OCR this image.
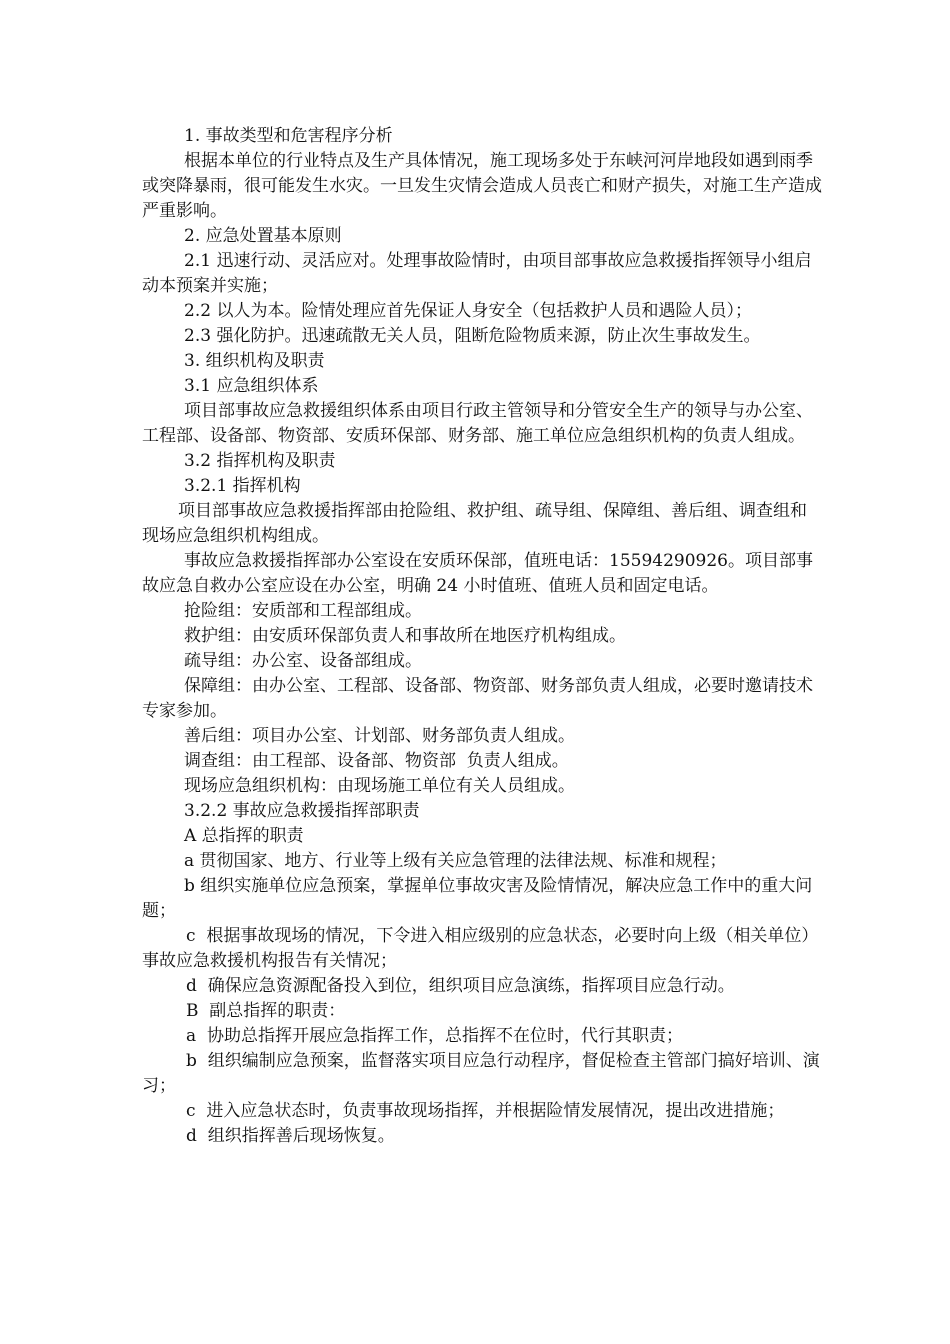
1. 事故类型和危害程序分析

根据本单位的行业特点及生产具体情况，施工现场多处于东峡河河岸地段如遇到雨季或突降暴雨，很可能发生水灾。一旦发生灾情会造成人员丧亡和财产损失，对施工生产造成严重影响。

2. 应急处置基本原则

2.1 迅速行动、灵活应对。处理事故险情时，由项目部事故应急救援指挥领导小组启动本预案并实施；

2.2 以人为本。险情处理应首先保证人身安全（包括救护人员和遇险人员）；

2.3 强化防护。迅速疏散无关人员，阻断危险物质来源，防止次生事故发生。

3. 组织机构及职责

3.1 应急组织体系

项目部事故应急救援组织体系由项目行政主管领导和分管安全生产的领导与办公室、工程部、设备部、物资部、安质环保部、财务部、施工单位应急组织机构的负责人组成。

3.2 指挥机构及职责

3.2.1 指挥机构

项目部事故应急救援指挥部由抢险组、救护组、疏导组、保障组、善后组、调查组和现场应急组织机构组成。

事故应急救援指挥部办公室设在安质环保部，值班电话：15594290926。项目部事故应急自救办公室应设在办公室，明确 24 小时值班、值班人员和固定电话。

抢险组：安质部和工程部组成。

救护组：由安质环保部负责人和事故所在地医疗机构组成。

疏导组：办公室、设备部组成。

保障组：由办公室、工程部、设备部、物资部、财务部负责人组成，必要时邀请技术专家参加。

善后组：项目办公室、计划部、财务部负责人组成。

调查组：由工程部、设备部、物资部  负责人组成。

现场应急组织机构：由现场施工单位有关人员组成。

3.2.2 事故应急救援指挥部职责

A 总指挥的职责

a 贯彻国家、地方、行业等上级有关应急管理的法律法规、标准和规程；

b 组织实施单位应急预案，掌握单位事故灾害及险情情况，解决应急工作中的重大问题；

c  根据事故现场的情况，下令进入相应级别的应急状态，必要时向上级（相关单位）事故应急救援机构报告有关情况；

d  确保应急资源配备投入到位，组织项目应急演练，指挥项目应急行动。

B  副总指挥的职责：

a  协助总指挥开展应急指挥工作，总指挥不在位时，代行其职责；

b  组织编制应急预案，监督落实项目应急行动程序，督促检查主管部门搞好培训、演习；

c  进入应急状态时，负责事故现场指挥，并根据险情发展情况，提出改进措施；

d  组织指挥善后现场恢复。
